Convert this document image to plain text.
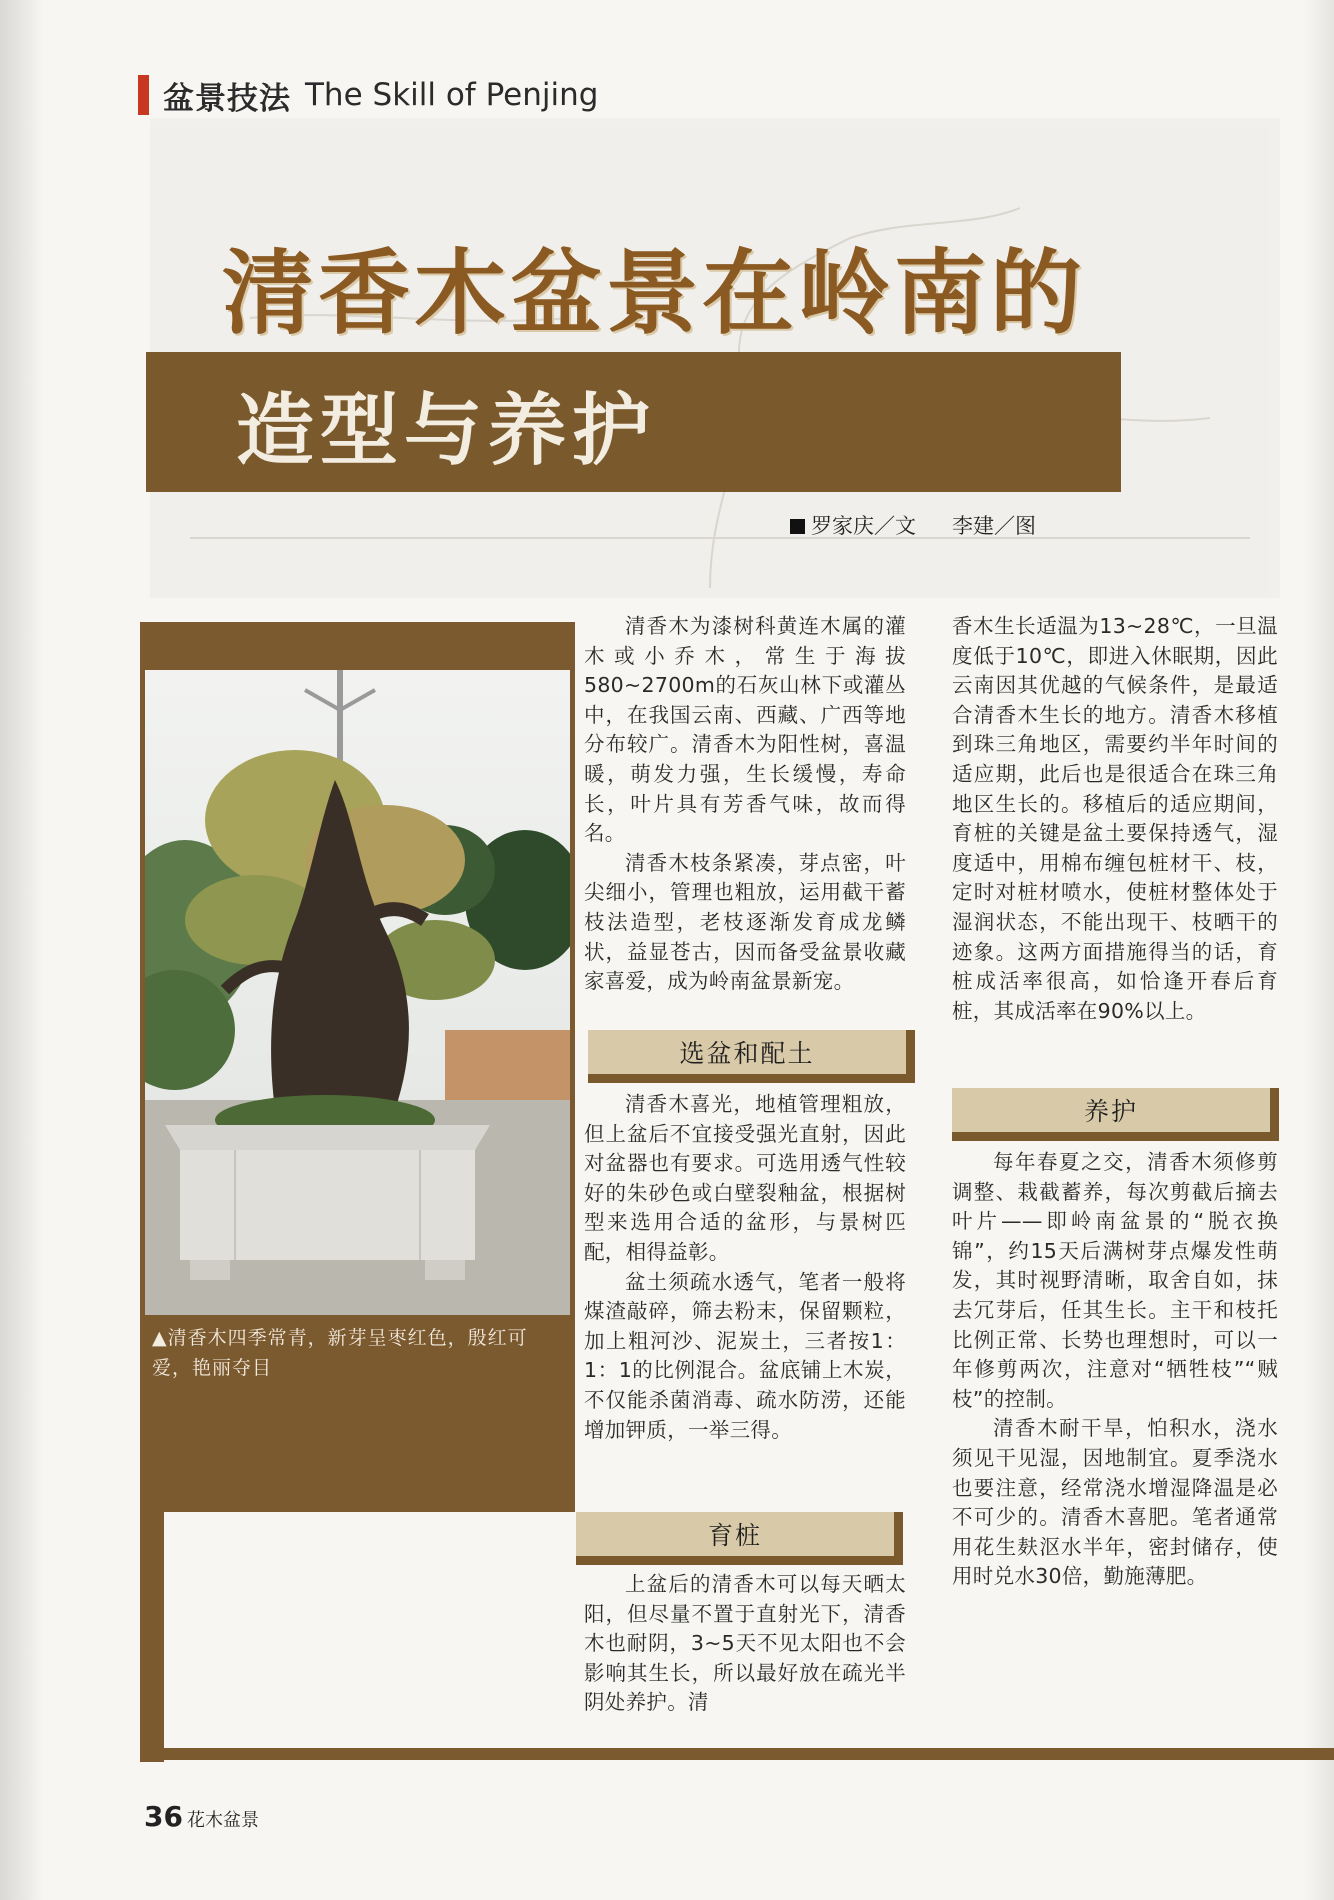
盆景技法 The Skill of Penjing
清香木盆景在岭南的
造型与养护
罗家庆／文 李建／图
▲清香木四季常青，新芽呈枣红色，殷红可爱，艳丽夺目

清香木为漆树科黄连木属的灌木或小乔木，常生于海拔580~2700m的石灰山林下或灌丛中，在我国云南、西藏、广西等地分布较广。清香木为阳性树，喜温暖，萌发力强，生长缓慢，寿命长，叶片具有芳香气味，故而得名。

清香木枝条紧凑，芽点密，叶尖细小，管理也粗放，运用截干蓄枝法造型，老枝逐渐发育成龙鳞状，益显苍古，因而备受盆景收藏家喜爱，成为岭南盆景新宠。

选盆和配土

清香木喜光，地植管理粗放，但上盆后不宜接受强光直射，因此对盆器也有要求。可选用透气性较好的朱砂色或白壁裂釉盆，根据树型来选用合适的盆形，与景树匹配，相得益彰。

盆土须疏水透气，笔者一般将煤渣敲碎，筛去粉末，保留颗粒，加上粗河沙、泥炭土，三者按1：1：1的比例混合。盆底铺上木炭，不仅能杀菌消毒、疏水防涝，还能增加钾质，一举三得。

育桩

上盆后的清香木可以每天晒太阳，但尽量不置于直射光下，清香木也耐阴，3~5天不见太阳也不会影响其生长，所以最好放在疏光半阴处养护。清

香木生长适温为13~28℃，一旦温度低于10℃，即进入休眠期，因此云南因其优越的气候条件，是最适合清香木生长的地方。清香木移植到珠三角地区，需要约半年时间的适应期，此后也是很适合在珠三角地区生长的。移植后的适应期间，育桩的关键是盆土要保持透气，湿度适中，用棉布缠包桩材干、枝，定时对桩材喷水，使桩材整体处于湿润状态，不能出现干、枝晒干的迹象。这两方面措施得当的话，育桩成活率很高，如恰逢开春后育桩，其成活率在90%以上。

养护

每年春夏之交，清香木须修剪调整、栽截蓄养，每次剪截后摘去叶片——即岭南盆景的“脱衣换锦”，约15天后满树芽点爆发性萌发，其时视野清晰，取舍自如，抹去冗芽后，任其生长。主干和枝托比例正常、长势也理想时，可以一年修剪两次，注意对“牺牲枝”“贼枝”的控制。

清香木耐干旱，怕积水，浇水须见干见湿，因地制宜。夏季浇水也要注意，经常浇水增湿降温是必不可少的。清香木喜肥。笔者通常用花生麸沤水半年，密封储存，使用时兑水30倍，勤施薄肥。

36 花木盆景
